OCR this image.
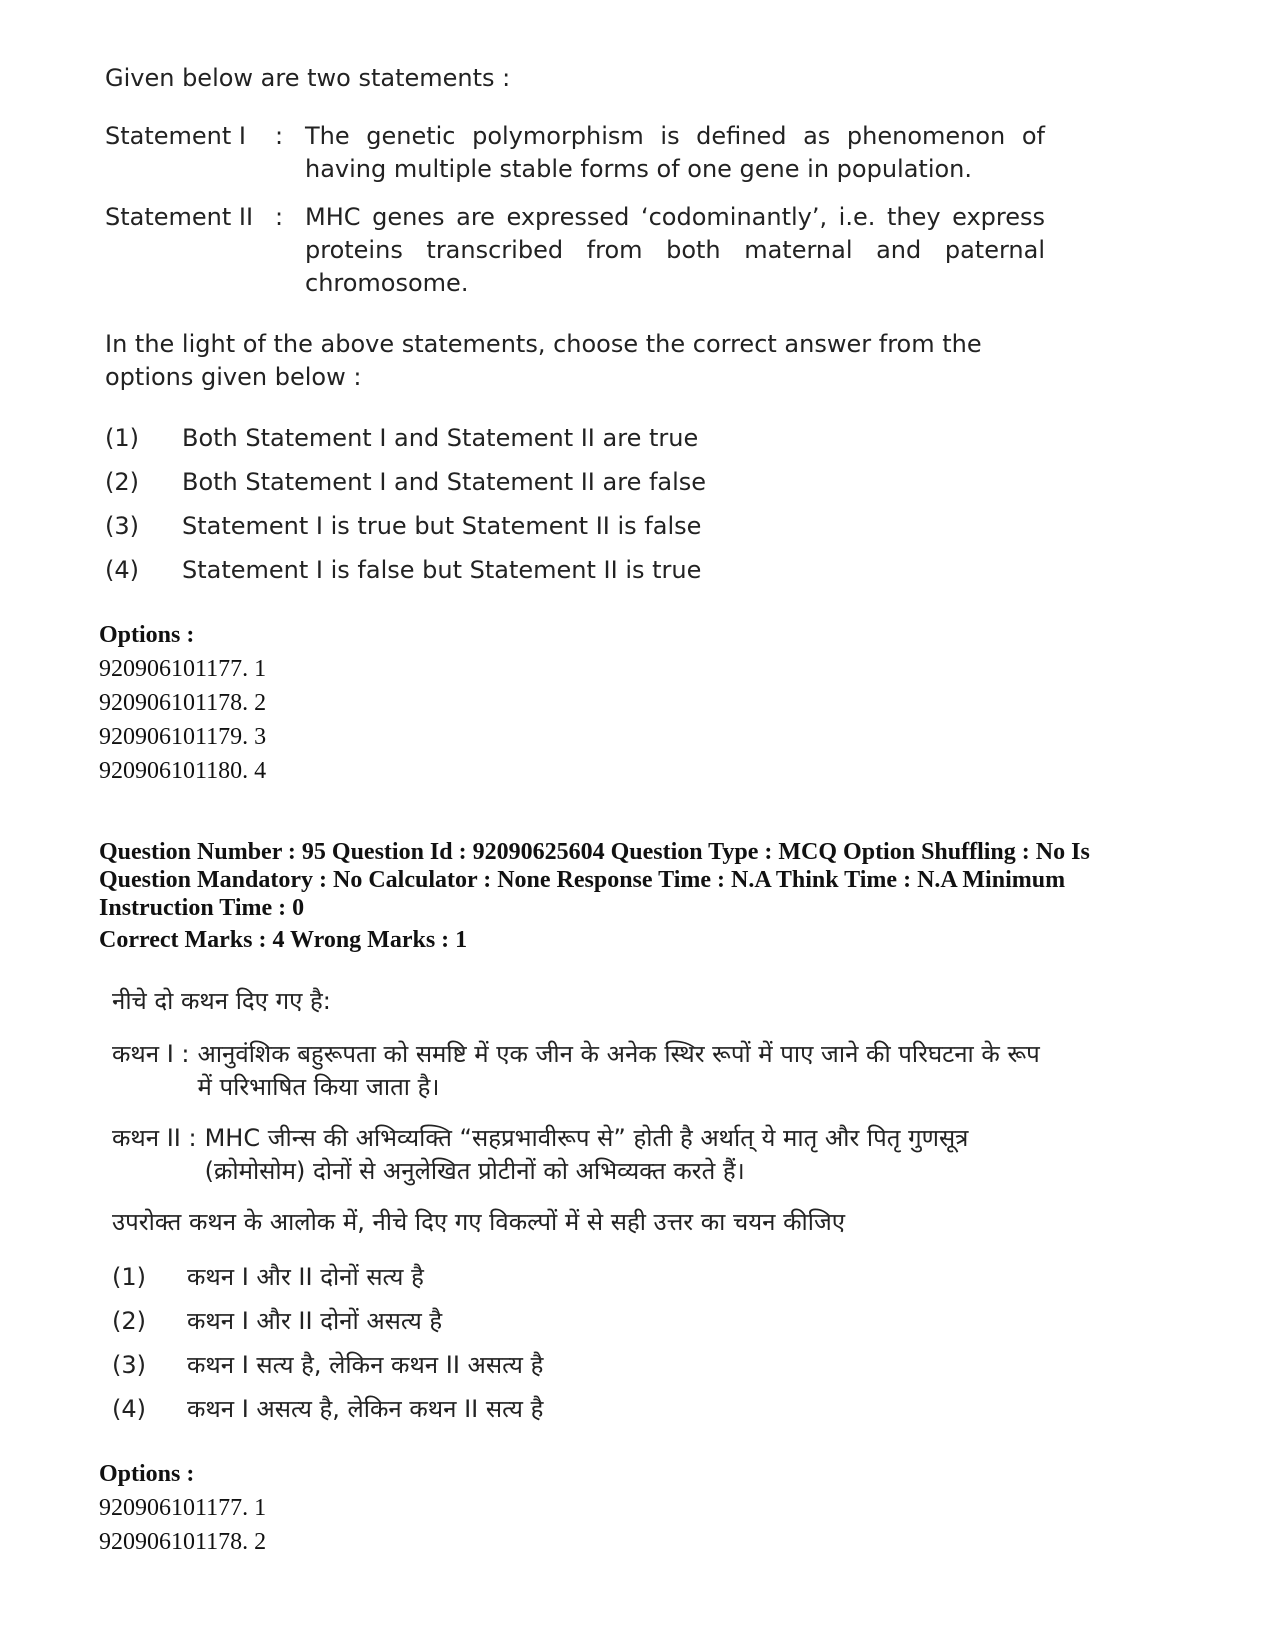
Given below are two statements :
Statement I	: The genetic polymorphism is defined as phenomenon of having multiple stable forms of one gene in population.
Statement II : MHC genes are expressed ‘codominantly’, i.e. they express proteins transcribed from both maternal and paternal chromosome.
In the light of the above statements, choose the correct answer from the options given below :
(1)	Both Statement I and Statement II are true
(2)	Both Statement I and Statement II are false
(3)	Statement I is true but Statement II is false
(4)	Statement I is false but Statement II is true
Options :
920906101177. 1
920906101178. 2
920906101179. 3
920906101180. 4
Question Number : 95 Question Id : 92090625604 Question Type : MCQ Option Shuffling : No Is Question Mandatory : No Calculator : None Response Time : N.A Think Time : N.A Minimum Instruction Time : 0
Correct Marks : 4 Wrong Marks : 1
नीचे दो कथन दिए गए है:
कथन I : आनुवंशिक बहुरूपता को समष्टि में एक जीन के अनेक स्थिर रूपों में पाए जाने की परिघटना के रूप में परिभाषित किया जाता है।
कथन II : MHC जीन्स की अभिव्यक्ति “सहप्रभावीरूप से” होती है अर्थात् ये मातृ और पितृ गुणसूत्र (क्रोमोसोम) दोनों से अनुलेखित प्रोटीनों को अभिव्यक्त करते हैं।
उपरोक्त कथन के आलोक में, नीचे दिए गए विकल्पों में से सही उत्तर का चयन कीजिए
(1)	कथन I और II दोनों सत्य है
(2)	कथन I और II दोनों असत्य है
(3)	कथन I सत्य है, लेकिन कथन II असत्य है
(4)	कथन I असत्य है, लेकिन कथन II सत्य है
Options :
920906101177. 1
920906101178. 2
